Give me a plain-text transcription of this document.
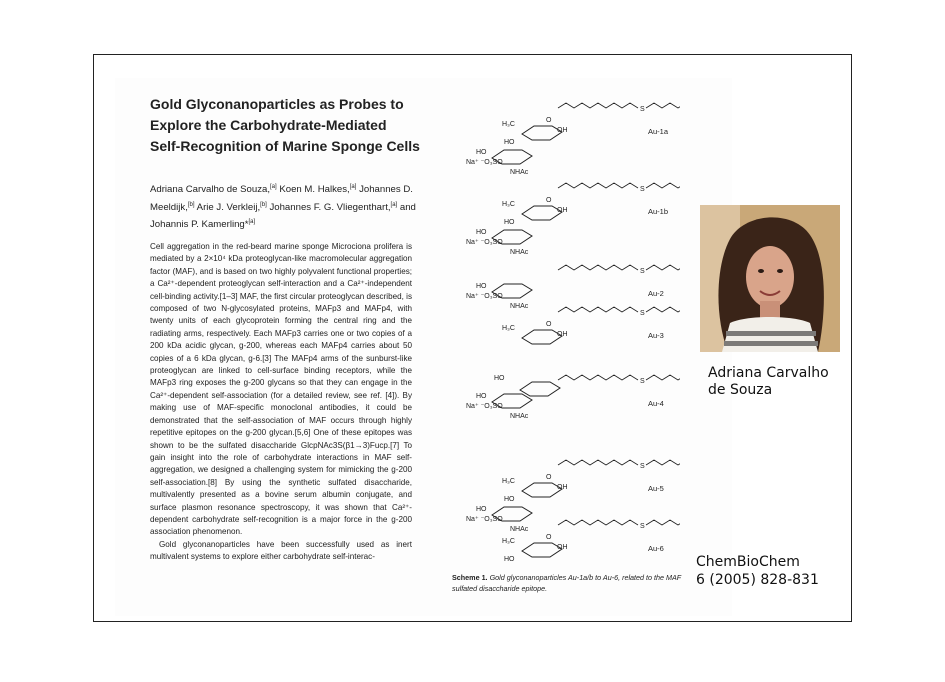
Gold Glyconanoparticles as Probes to Explore the Carbohydrate-Mediated Self-Recognition of Marine Sponge Cells
Adriana Carvalho de Souza,[a] Koen M. Halkes,[a] Johannes D. Meeldijk,[b] Arie J. Verkleij,[b] Johannes F. G. Vliegenthart,[a] and Johannis P. Kamerling*[a]

Cell aggregation in the red-beard marine sponge Microciona prolifera is mediated by a 2×10⁴ kDa proteoglycan-like macromolecular aggregation factor (MAF), and is based on two highly polyvalent functional properties; a Ca²⁺-dependent proteoglycan self-interaction and a Ca²⁺-independent cell-binding activity.[1–3] MAF, the first circular proteoglycan described, is composed of two N-glycosylated proteins, MAFp3 and MAFp4, with twenty units of each glycoprotein forming the central ring and the radiating arms, respectively. Each MAFp3 carries one or two copies of a 200 kDa acidic glycan, g-200, whereas each MAFp4 carries about 50 copies of a 6 kDa glycan, g-6.[3] The MAFp4 arms of the sunburst-like proteoglycan are linked to cell-surface binding receptors, while the MAFp3 ring exposes the g-200 glycans so that they can engage in the Ca²⁺-dependent self-association (for a detailed review, see ref. [4]). By making use of MAF-specific monoclonal antibodies, it could be demonstrated that the self-association of MAF occurs through highly repetitive epitopes on the g-200 glycan.[5,6] One of these epitopes was shown to be the sulfated disaccharide GlcpNAc3S(β1→3)Fucp.[7] To gain insight into the role of carbohydrate interactions in MAF self-aggregation, we designed a challenging system for mimicking the g-200 self-association.[8] By using the synthetic sulfated disaccharide, multivalently presented as a bovine serum albumin conjugate, and surface plasmon resonance spectroscopy, it was shown that Ca²⁺-dependent carbohydrate self-recognition is a major force in the g-200 association phenomenon.

Gold glyconanoparticles have been successfully used as inert multivalent systems to explore either carbohydrate self-interac-

H₃C
OH
O
HO
Na⁺ ⁻O₃SO
NHAc
HO
S
Au-1a
H₃C
OH
O
HO
Na⁺ ⁻O₃SO
NHAc
HO
S
Au-1b
HO
Na⁺ ⁻O₃SO
NHAc
S
Au-2
H₃C
OH
O
S
Au-3
HO
Na⁺ ⁻O₃SO
NHAc
HO	S
Au-4
H₃C
OH
O
HO
Na⁺ ⁻O₃SO
NHAc
HO
S
Au-5
H₃C
OH
O
HO
S
Au-6
Scheme 1. Gold glyconanoparticles Au-1a/b to Au-6, related to the MAF sulfated disaccharide epitope.
Adriana Carvalho de Souza
ChemBioChem
6 (2005) 828-831
